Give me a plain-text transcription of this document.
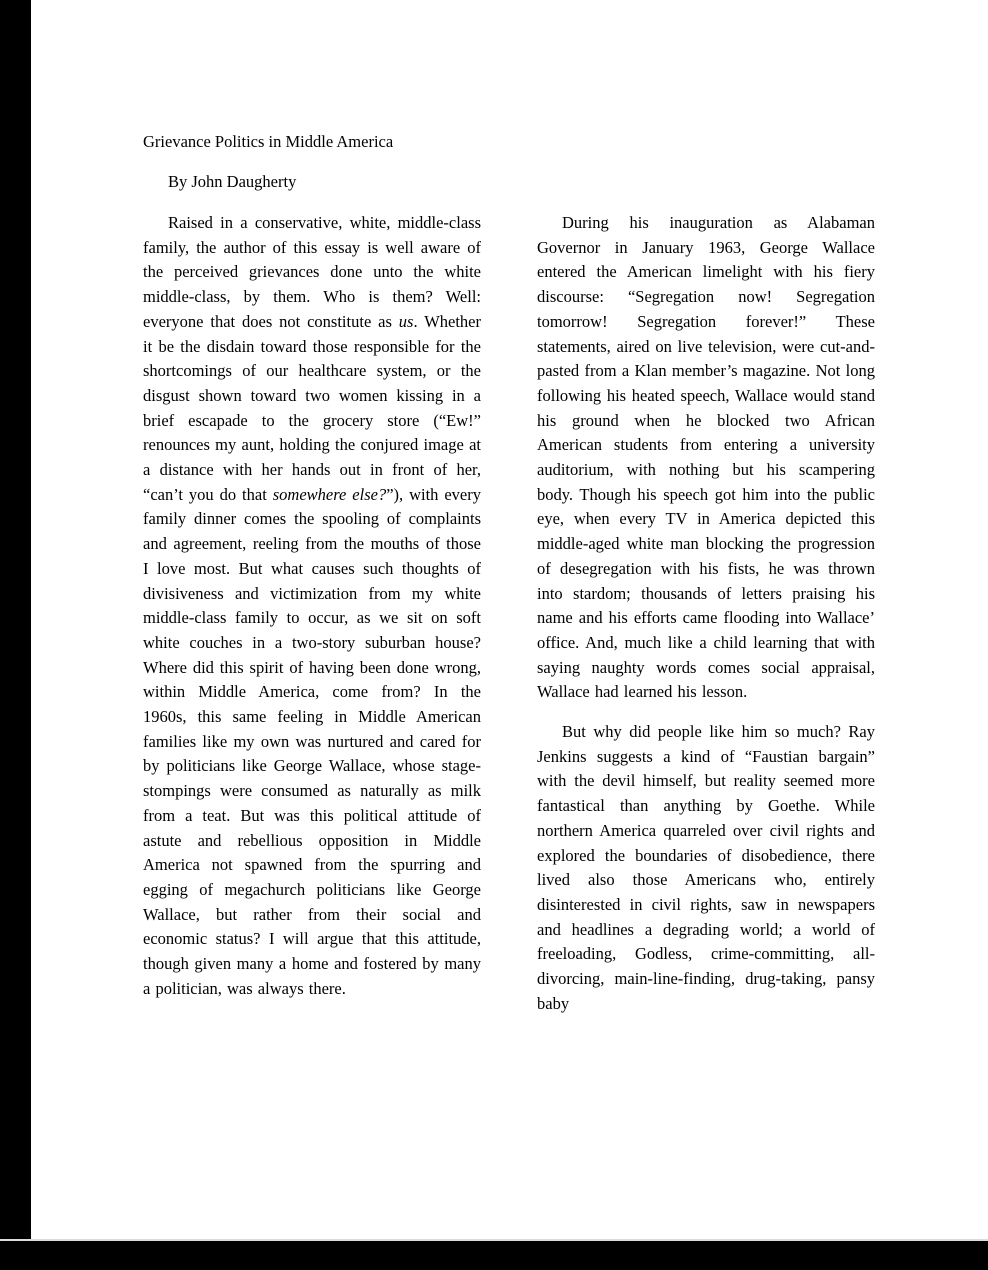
Grievance Politics in Middle America

By John Daugherty

Raised in a conservative, white, middle-class family, the author of this essay is well aware of the perceived grievances done unto the white middle-class, by them. Who is them? Well: everyone that does not constitute as us. Whether it be the disdain toward those responsible for the shortcomings of our healthcare system, or the disgust shown toward two women kissing in a brief escapade to the grocery store (“Ew!” renounces my aunt, holding the conjured image at a distance with her hands out in front of her, “can’t you do that somewhere else?”), with every family dinner comes the spooling of complaints and agreement, reeling from the mouths of those I love most. But what causes such thoughts of divisiveness and victimization from my white middle-class family to occur, as we sit on soft white couches in a two-story suburban house? Where did this spirit of having been done wrong, within Middle America, come from? In the 1960s, this same feeling in Middle American families like my own was nurtured and cared for by politicians like George Wallace, whose stage-stompings were consumed as naturally as milk from a teat. But was this political attitude of astute and rebellious opposition in Middle America not spawned from the spurring and egging of megachurch politicians like George Wallace, but rather from their social and economic status? I will argue that this attitude, though given many a home and fostered by many a politician, was always there.

During his inauguration as Alabaman Governor in January 1963, George Wallace entered the American limelight with his fiery discourse: “Segregation now! Segregation tomorrow! Segregation forever!” These statements, aired on live television, were cut-and-pasted from a Klan member’s magazine. Not long following his heated speech, Wallace would stand his ground when he blocked two African American students from entering a university auditorium, with nothing but his scampering body. Though his speech got him into the public eye, when every TV in America depicted this middle-aged white man blocking the progression of desegregation with his fists, he was thrown into stardom; thousands of letters praising his name and his efforts came flooding into Wallace’ office. And, much like a child learning that with saying naughty words comes social appraisal, Wallace had learned his lesson.

But why did people like him so much? Ray Jenkins suggests a kind of “Faustian bargain” with the devil himself, but reality seemed more fantastical than anything by Goethe. While northern America quarreled over civil rights and explored the boundaries of disobedience, there lived also those Americans who, entirely disinterested in civil rights, saw in newspapers and headlines a degrading world; a world of freeloading, Godless, crime-committing, all-divorcing, main-line-finding, drug-taking, pansy baby
